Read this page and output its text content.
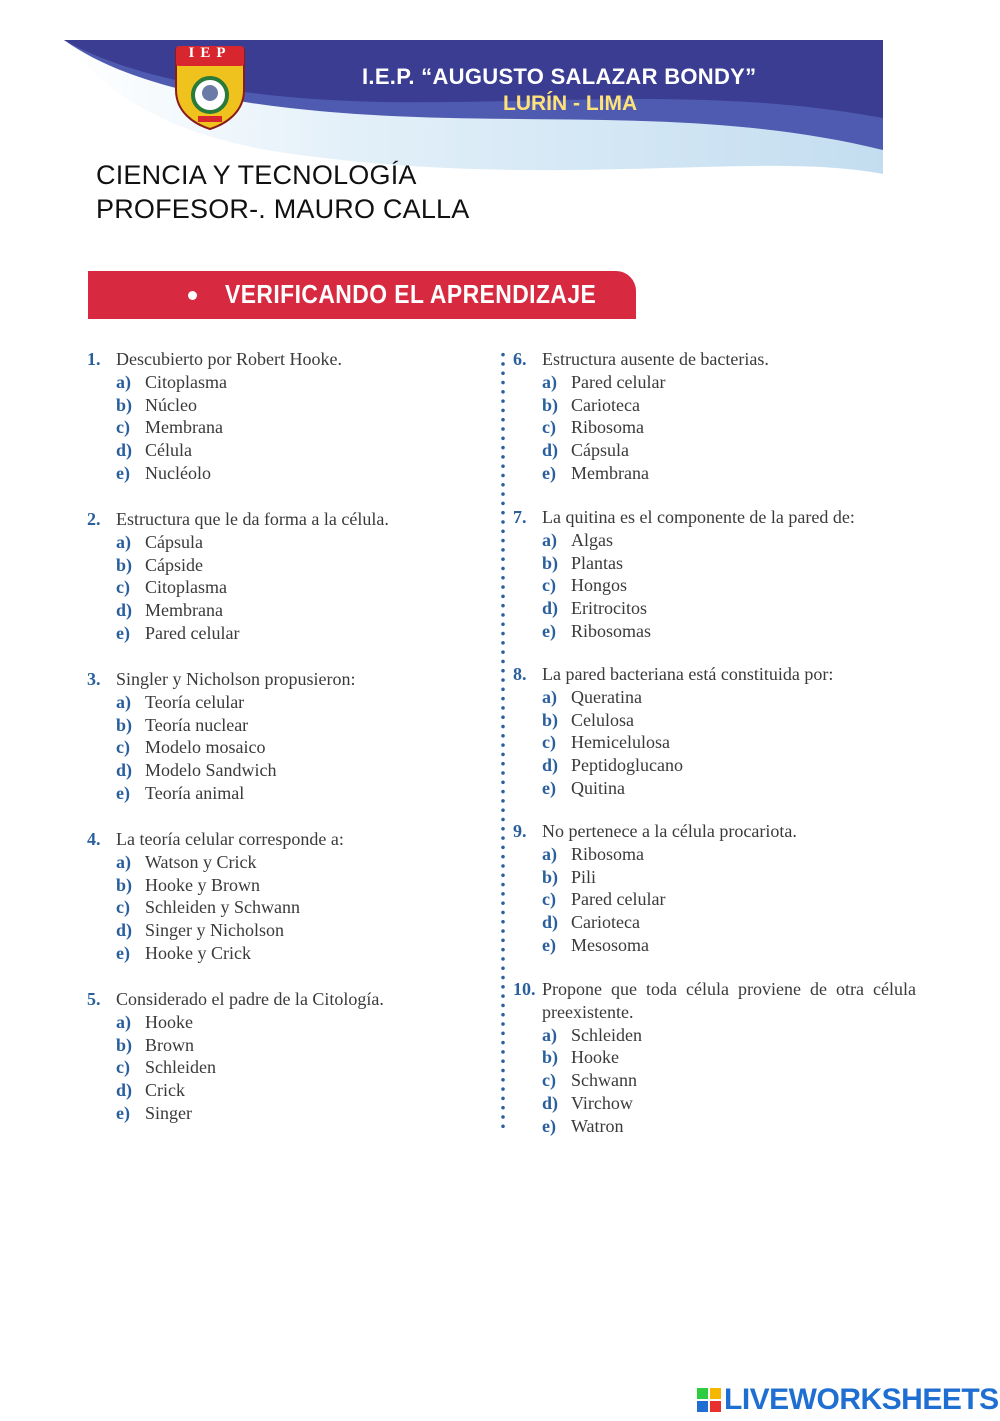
IEP
I.E.P. “AUGUSTO SALAZAR BONDY”
LURÍN - LIMA
CIENCIA Y TECNOLOGÍA
PROFESOR-. MAURO CALLA
VERIFICANDO EL APRENDIZAJE
1. Descubierto por Robert Hooke.
a) Citoplasma
b) Núcleo
c) Membrana
d) Célula
e) Nucléolo
2. Estructura que le da forma a la célula.
a) Cápsula
b) Cápside
c) Citoplasma
d) Membrana
e) Pared celular
3. Singler y Nicholson propusieron:
a) Teoría celular
b) Teoría nuclear
c) Modelo mosaico
d) Modelo Sandwich
e) Teoría animal
4. La teoría celular corresponde a:
a) Watson y Crick
b) Hooke y Brown
c) Schleiden y Schwann
d) Singer y Nicholson
e) Hooke y Crick
5. Considerado el padre de la Citología.
a) Hooke
b) Brown
c) Schleiden
d) Crick
e) Singer
6. Estructura ausente de bacterias.
a) Pared celular
b) Carioteca
c) Ribosoma
d) Cápsula
e) Membrana
7. La quitina es el componente de la pared de:
a) Algas
b) Plantas
c) Hongos
d) Eritrocitos
e) Ribosomas
8. La pared bacteriana está constituida por:
a) Queratina
b) Celulosa
c) Hemicelulosa
d) Peptidoglucano
e) Quitina
9. No pertenece a la célula procariota.
a) Ribosoma
b) Pili
c) Pared celular
d) Carioteca
e) Mesosoma
10. Propone que toda célula proviene de otra célula preexistente.
a) Schleiden
b) Hooke
c) Schwann
d) Virchow
e) Watron
LIVEWORKSHEETS
